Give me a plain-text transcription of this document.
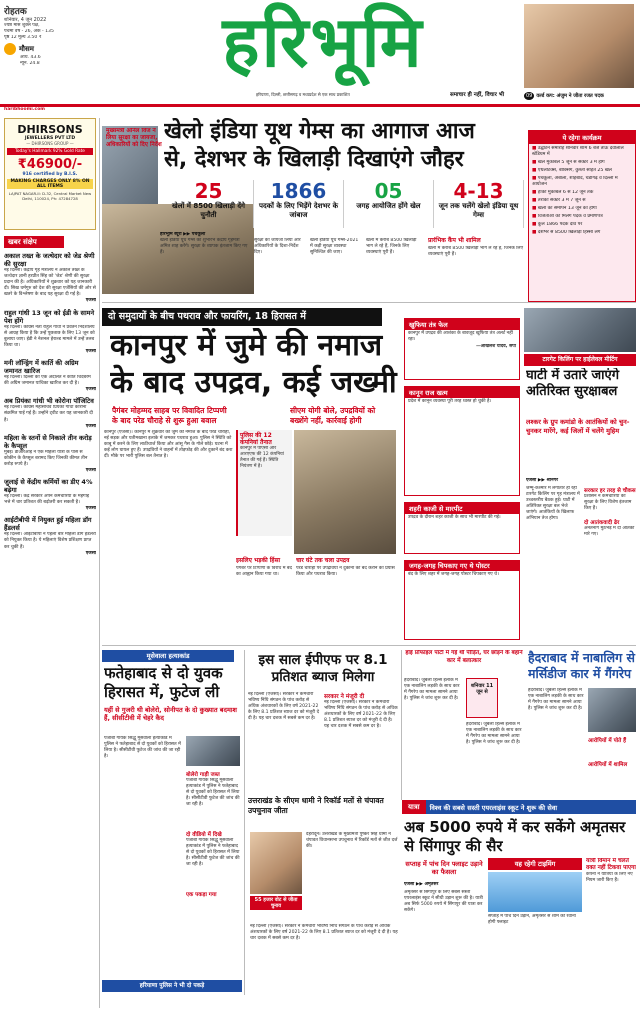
रोहतक
शनिवार, 4 जून 2022
ज्येष्ठ मास शुक्ल पक्ष,
पंचमी वर्ष - 26, अंक - 135
पृष्ठ 12 मूल्य 3.50 ₹
मौसम
अधि. 43.6
न्यून. 24.8	हरिभूमि
हरियाणा, दिल्ली, छत्तीसगढ़ व मध्यप्रदेश से एक साथ प्रकाशित	समाचार ही नहीं, विचार भी	09 वर्ल्ड कप: अंजुम ने जीता रजत पदक
haribhoomi.com
DHIRSONS
JEWELLERS PVT LTD
— DHIRSONS GROUP —
Today's Hallmark 92% Gold Rate
₹46900/-
916 certified by B.I.S.
MAKING CHARGES ONLY 8% ON ALL ITEMS
LAJPAT NAGAR-II: D-32, Central Market New Delhi, 110024, Ph: 47284728
खबर संक्षेप
अकाल तख्त के जत्थेदार को जेड श्रेणी की सुरक्षा
नई दिल्ली। केंद्रीय गृह मंत्रालय ने अकाल तख्त के जत्थेदार ज्ञानी हरप्रीत सिंह को 'जेड' श्रेणी की सुरक्षा प्रदान की है। अधिकारियों ने शुक्रवार को यह जानकारी दी। सिख धर्मगुरु को देश की सुरक्षा एजेंसियों की ओर से खतरे के विश्लेषण के बाद यह सुरक्षा दी गई है।
एजेंसी
राहुल गांधी 13 जून को ईडी के सामने पेश होंगे
नई दिल्ली। कांग्रेस नेता राहुल गांधी ने प्रवर्तन निदेशालय से आग्रह किया है कि उन्हें पूछताछ के लिए 13 जून को बुलाया जाए। ईडी ने नेशनल हेराल्ड मामले में उन्हें तलब किया था।
एजेंसी
मनी लॉन्ड्रिंग में कार्ति की अग्रिम जमानत खारिज
नई दिल्ली। दिल्ली की एक अदालत ने कार्ति चिदंबरम की अग्रिम जमानत याचिका खारिज कर दी है।
एजेंसी
अब प्रियंका गांधी भी कोरोना पॉजिटिव
नई दिल्ली। कांग्रेस महासचिव प्रियंका गांधी कोरोना संक्रमित पाई गई हैं। उन्होंने ट्वीट कर यह जानकारी दी है।
एजेंसी
महिला के स्तनों से निकाले तीन करोड़ के कैप्सूल
मुंबई। डीआरआई ने एक महिला यात्री के पास से कोकीन के कैप्सूल बरामद किए जिनकी कीमत तीन करोड़ रुपये है।
एजेंसी
जुलाई से केंद्रीय कर्मियों का डीए 4% बढ़ेगा
नई दिल्ली। केंद्र सरकार अपने कर्मचारियों के महंगाई भत्ते में चार प्रतिशत की बढ़ोतरी कर सकती है।
एजेंसी
आईटीबीपी में नियुक्त हुई महिला डॉग हैंडलर्स
नई दिल्ली। आईटीबीपी ने पहली बार महिला डॉग हैंडलरों को नियुक्त किया है। ये महिलाएं विशेष प्रशिक्षण प्राप्त कर चुकी हैं।
एजेंसी
मुख्यमंत्री अनिल विज ने लिया सुरक्षा का जायजा, अधिकारियों को दिए निर्देश
खेलो इंडिया यूथ गेम्स का आगाज आज
से, देशभर के खिलाड़ी दिखाएंगे जौहर
25
खेलों में 8500 खिलाड़ी देंगे चुनौती
1866
पदकों के लिए भिड़ेंगे देशभर के जांबाज
05
जगह आयोजित होंगे खेल
4-13
जून तक चलेंगे खेलो इंडिया यूथ गेम्स
हरिभूमि ब्यूरो ▶▶ पंचकूला
खेलो इंडिया यूथ गेम्स का शुभारंभ केंद्रीय गृहमंत्री अमित शाह करेंगे। सुरक्षा के व्यापक इंतजाम किए गए हैं।
सुरक्षा का जायजा लिया और अधिकारियों के दिशा-निर्देश दिए।
खेलो इंडिया यूथ गेम्स-2021 में कड़ी सुरक्षा व्यवस्था सुनिश्चित की जाए।
खेलों में करीब 8500 खिलाड़ी भाग ले रहे हैं, जिनके लिए व्यवस्थाएं पूरी हैं।
प्रारंभिक कैंप भी शामिल
खेलों में करीब 8500 खिलाड़ी भाग ले रहे हैं, जिनके लिए व्यवस्थाएं पूरी हैं।
ये रहेगा कार्यक्रम
■ उद्घाटन समारोह शनिवार शाम 6 बजे ताऊ देवीलाल स्टेडियम में
■ खेल मुकाबले 5 जून से सेक्टर 3 में होंगे
■ एथलेटिक्स, बॉक्सिंग, कुश्ती सहित 25 खेल
■ पंचकूला, अंबाला, शाहबाद, चंडीगढ़ व दिल्ली में आयोजन
■ हॉकी मुकाबले 6 से 12 जून तक
■ तैराकी सेक्टर 3 में 7 जून से
■ खेलों का समापन 13 जून को होगा
■ विजेताओं को मिलेंगे पदक व प्रमाणपत्र
■ कुल 1866 पदक दांव पर
■ देशभर से 8500 खिलाड़ी हिस्सा लेंगे
दो समुदायों के बीच पथराव और फायरिंग, 18 हिरासत में
कानपुर में जुमे की नमाज
के बाद उपद्रव, कई जख्मी
पैगंबर मोहम्मद साहब पर विवादित टिप्पणी
के बाद परेड चौराहे से शुरू हुआ बवाल
सीएम योगी बोले, उपद्रवियों को
बख्शेंगे नहीं, कार्रवाई होगी
कानपुर (एजेंसी)। कानपुर में शुक्रवार को जुमे की नमाज के बाद परेड चौराहा, नई सड़क और यतीमखाना इलाके में जमकर पथराव हुआ। पुलिस ने स्थिति को काबू में करने के लिए लाठीचार्ज किया और आंसू गैस के गोले छोड़े। घटना में कई लोग घायल हुए हैं। उपद्रवियों ने वाहनों में तोड़फोड़ की और दुकानें बंद करा दीं। मौके पर भारी पुलिस बल तैनात है।
पुलिस की 12 कंपनियां तैनात
कानपुर में पीएसी और आरएएफ की 12 कंपनियां तैनात की गई हैं। स्थिति नियंत्रण में है।
इसलिए भड़की हिंसा
पैगंबर पर टिप्पणी के विरोध में बंद का आह्वान किया गया था।
चार घंटे तक चला उपद्रव
परेड चौराहा पर उपद्रवियों ने दुकानों को बंद कराने का प्रयास किया और पथराव किया।
खुफिया तंत्र फेल
कानपुर में उपद्रव की आशंका के बावजूद खुफिया तंत्र अलर्ट नहीं रहा।
—अखिलेश यादव, सपा
कानून राज खत्म
प्रदेश में कानून व्यवस्था पूरी तरह ध्वस्त हो चुकी है।
शहरी काजी से मारपीट
उपद्रव के दौरान शहर काजी के साथ भी मारपीट की गई।
जगह-जगह चिपकाए गए थे पोस्टर
बंद के लिए शहर में जगह-जगह पोस्टर चिपकाए गए थे।
टारगेट किलिंग पर हाईलेवल मीटिंग
घाटी में उतारे जाएंगे अतिरिक्त सुरक्षाबल
लश्कर के ग्रुप कमांडो के आतंकियों को चुन-चुनकर मारेंगे, कई जिलों में चलेंगे मुहिम
एजेंसी ▶▶ श्रीनगर
जम्मू-कश्मीर में लगातार हो रही टारगेट किलिंग पर गृह मंत्रालय में उच्चस्तरीय बैठक हुई। घाटी में अतिरिक्त सुरक्षा बल भेजे जाएंगे। आतंकियों के खिलाफ अभियान तेज होगा।
सरकार हर तरह से चौकस
प्रशासन ने कर्मचारियों की सुरक्षा के लिए विशेष इंतजाम किए हैं।
दो आतंकवादी ढेर
अनंतनाग मुठभेड़ में दो आतंकी मारे गए।
मूसेवाला हत्याकांड
फतेहाबाद से दो युवक हिरासत में, फुटेज ली
यहीं से गुजरी थी बोलेरो, सोनीपत के दो कुख्यात बदमाश हैं, सीसीटीवी में चेहरे कैद
पंजाबी गायक सिद्धू मूसेवाला हत्याकांड में पुलिस ने फतेहाबाद से दो युवकों को हिरासत में लिया है। सीसीटीवी फुटेज की जांच की जा रही है।
बोलेरो गाड़ी जब्त
पंजाबी गायक सिद्धू मूसेवाला हत्याकांड में पुलिस ने फतेहाबाद से दो युवकों को हिरासत में लिया है। सीसीटीवी फुटेज की जांच की जा रही है।
दो वीडियो में दिखे
पंजाबी गायक सिद्धू मूसेवाला हत्याकांड में पुलिस ने फतेहाबाद से दो युवकों को हिरासत में लिया है। सीसीटीवी फुटेज की जांच की जा रही है।
एक पकड़ा गया
हरियाणा पुलिस ने भी दो पकड़े
इस साल ईपीएफ पर 8.1 प्रतिशत ब्याज मिलेगा
नई दिल्ली (एजेंसी)। सरकार ने कर्मचारी भविष्य निधि संगठन के पांच करोड़ से अधिक अंशधारकों के लिए वर्ष 2021-22 के लिए 8.1 प्रतिशत ब्याज दर को मंजूरी दे दी है। यह चार दशक में सबसे कम दर है।
सरकार ने मंजूरी दी
नई दिल्ली (एजेंसी)। सरकार ने कर्मचारी भविष्य निधि संगठन के पांच करोड़ से अधिक अंशधारकों के लिए वर्ष 2021-22 के लिए 8.1 प्रतिशत ब्याज दर को मंजूरी दे दी है। यह चार दशक में सबसे कम दर है।
उत्तराखंड के सीएम धामी ने रिकॉर्ड मतों से चंपावत उपचुनाव जीता
55 हजार वोट से जीता चुनाव
देहरादून। उत्तराखंड के मुख्यमंत्री पुष्कर सिंह धामी ने चंपावत विधानसभा उपचुनाव में रिकॉर्ड मतों से जीत दर्ज की।
नई दिल्ली (एजेंसी)। सरकार ने कर्मचारी भविष्य निधि संगठन के पांच करोड़ से अधिक अंशधारकों के लिए वर्ष 2021-22 के लिए 8.1 प्रतिशत ब्याज दर को मंजूरी दे दी है। यह चार दशक में सबसे कम दर है।
हाई प्रोफाइल पार्टी में गई थी पीड़ित, घर छोड़ने के बहाने कार में बलात्कार	हैदराबाद में नाबालिग से मर्सिडीज कार में गैंगरेप
हैदराबाद। जुबली हिल्स इलाके में एक नाबालिग लड़की के साथ कार में गैंगरेप का मामला सामने आया है। पुलिस ने जांच शुरू कर दी है।
शनिवार 11 जून से
हैदराबाद। जुबली हिल्स इलाके में एक नाबालिग लड़की के साथ कार में गैंगरेप का मामला सामने आया है। पुलिस ने जांच शुरू कर दी है।
हैदराबाद। जुबली हिल्स इलाके में एक नाबालिग लड़की के साथ कार में गैंगरेप का मामला सामने आया है। पुलिस ने जांच शुरू कर दी है।
आरोपियों में पोते हैं
आरोपियों में शामिल
यात्रा	विश्व की सबसे सस्ती एयरलाइंस स्कूट ने शुरू की सेवा
अब 5000 रुपये में कर सकेंगे अमृतसर से सिंगापुर की सैर
सप्ताह में पांच दिन फ्लाइट उड़ाने का फैसला
एजेंसी ▶▶ अमृतसर
अमृतसर से सिंगापुर के लिए सबसे सस्ती एयरलाइंस स्कूट ने सीधी उड़ान शुरू की है। यात्री अब सिर्फ 5000 रुपये में सिंगापुर की यात्रा कर सकेंगे।
यह रहेगी टाइमिंग
सप्ताह में पांच दिन उड़ान, अमृतसर से शाम को रवाना होगी फ्लाइट
यात्री विमान में चलते वक्त नहीं टिकवा पाएगा
कंपनी ने यात्रियों के लिए नए नियम जारी किए हैं।
